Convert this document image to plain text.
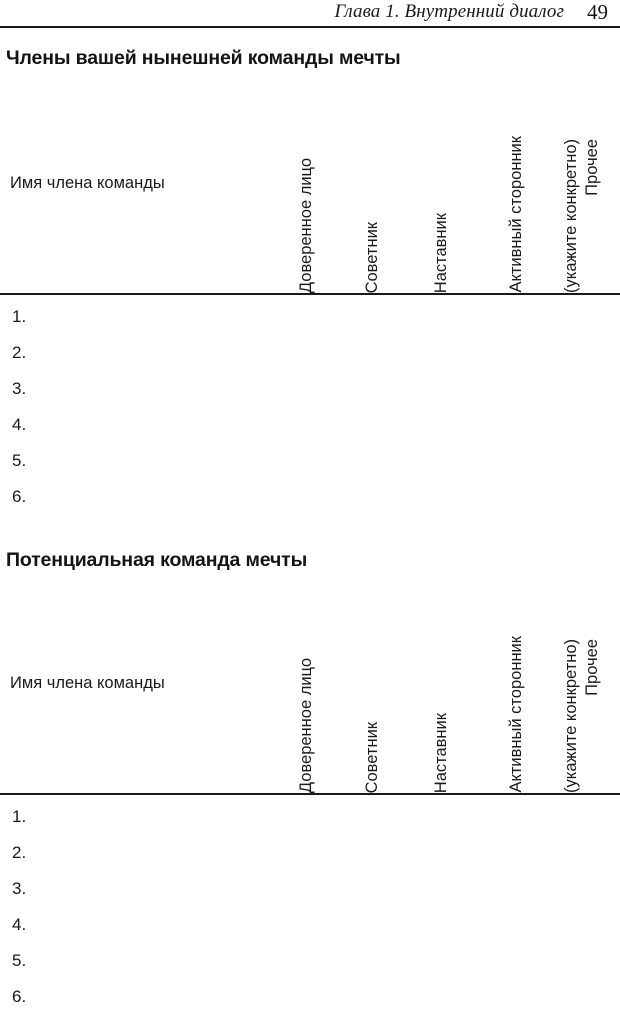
Глава 1. Внутренний диалог 49
Члены вашей нынешней команды мечты
Имя члена команды	Доверенное лицо	Советник	Наставник	Активный сторонник	Прочее
(укажите конкретно)
1.
2.
3.
4.
5.
6.
Потенциальная команда мечты
Имя члена команды	Доверенное лицо	Советник	Наставник	Активный сторонник	Прочее
(укажите конкретно)
1.
2.
3.
4.
5.
6.
